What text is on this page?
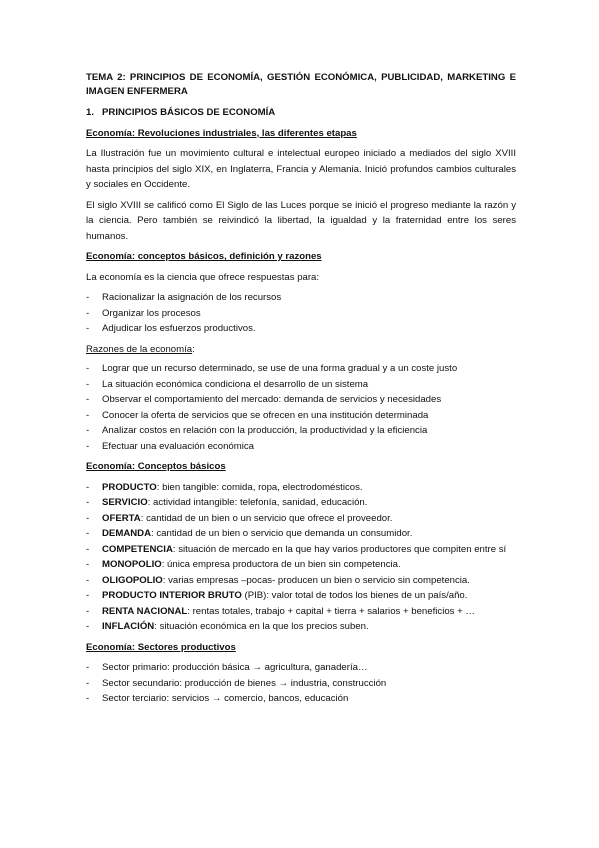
TEMA 2: PRINCIPIOS DE ECONOMÍA, GESTIÓN ECONÓMICA, PUBLICIDAD, MARKETING E IMAGEN ENFERMERA
1. PRINCIPIOS BÁSICOS DE ECONOMÍA
Economía: Revoluciones industriales, las diferentes etapas
La Ilustración fue un movimiento cultural e intelectual europeo iniciado a mediados del siglo XVIII hasta principios del siglo XIX, en Inglaterra, Francia y Alemania. Inició profundos cambios culturales y sociales en Occidente.
El siglo XVIII se calificó como El Siglo de las Luces porque se inició el progreso mediante la razón y la ciencia. Pero también se reivindicó la libertad, la igualdad y la fraternidad entre los seres humanos.
Economía: conceptos básicos, definición y razones
La economía es la ciencia que ofrece respuestas para:
-	Racionalizar la asignación de los recursos
-	Organizar los procesos
-	Adjudicar los esfuerzos productivos.
Razones de la economía:
-	Lograr que un recurso determinado, se use de una forma gradual y a un coste justo
-	La situación económica condiciona el desarrollo de un sistema
-	Observar el comportamiento del mercado: demanda de servicios y necesidades
-	Conocer la oferta de servicios que se ofrecen en una institución determinada
-	Analizar costos en relación con la producción, la productividad y la eficiencia
-	Efectuar una evaluación económica
Economía: Conceptos básicos
-	PRODUCTO: bien tangible: comida, ropa, electrodomésticos.
-	SERVICIO: actividad intangible: telefonía, sanidad, educación.
-	OFERTA: cantidad de un bien o un servicio que ofrece el proveedor.
-	DEMANDA: cantidad de un bien o servicio que demanda un consumidor.
-	COMPETENCIA: situación de mercado en la que hay varios productores que compiten entre sí
-	MONOPOLIO: única empresa productora de un bien sin competencia.
-	OLIGOPOLIO: varias empresas –pocas- producen un bien o servicio sin competencia.
-	PRODUCTO INTERIOR BRUTO (PIB): valor total de todos los bienes de un país/año.
-	RENTA NACIONAL: rentas totales, trabajo + capital + tierra + salarios + beneficios + …
-	INFLACIÓN: situación económica en la que los precios suben.
Economía: Sectores productivos
-	Sector primario: producción básica → agricultura, ganadería…
-	Sector secundario: producción de bienes → industria, construcción
-	Sector terciario: servicios → comercio, bancos, educación
